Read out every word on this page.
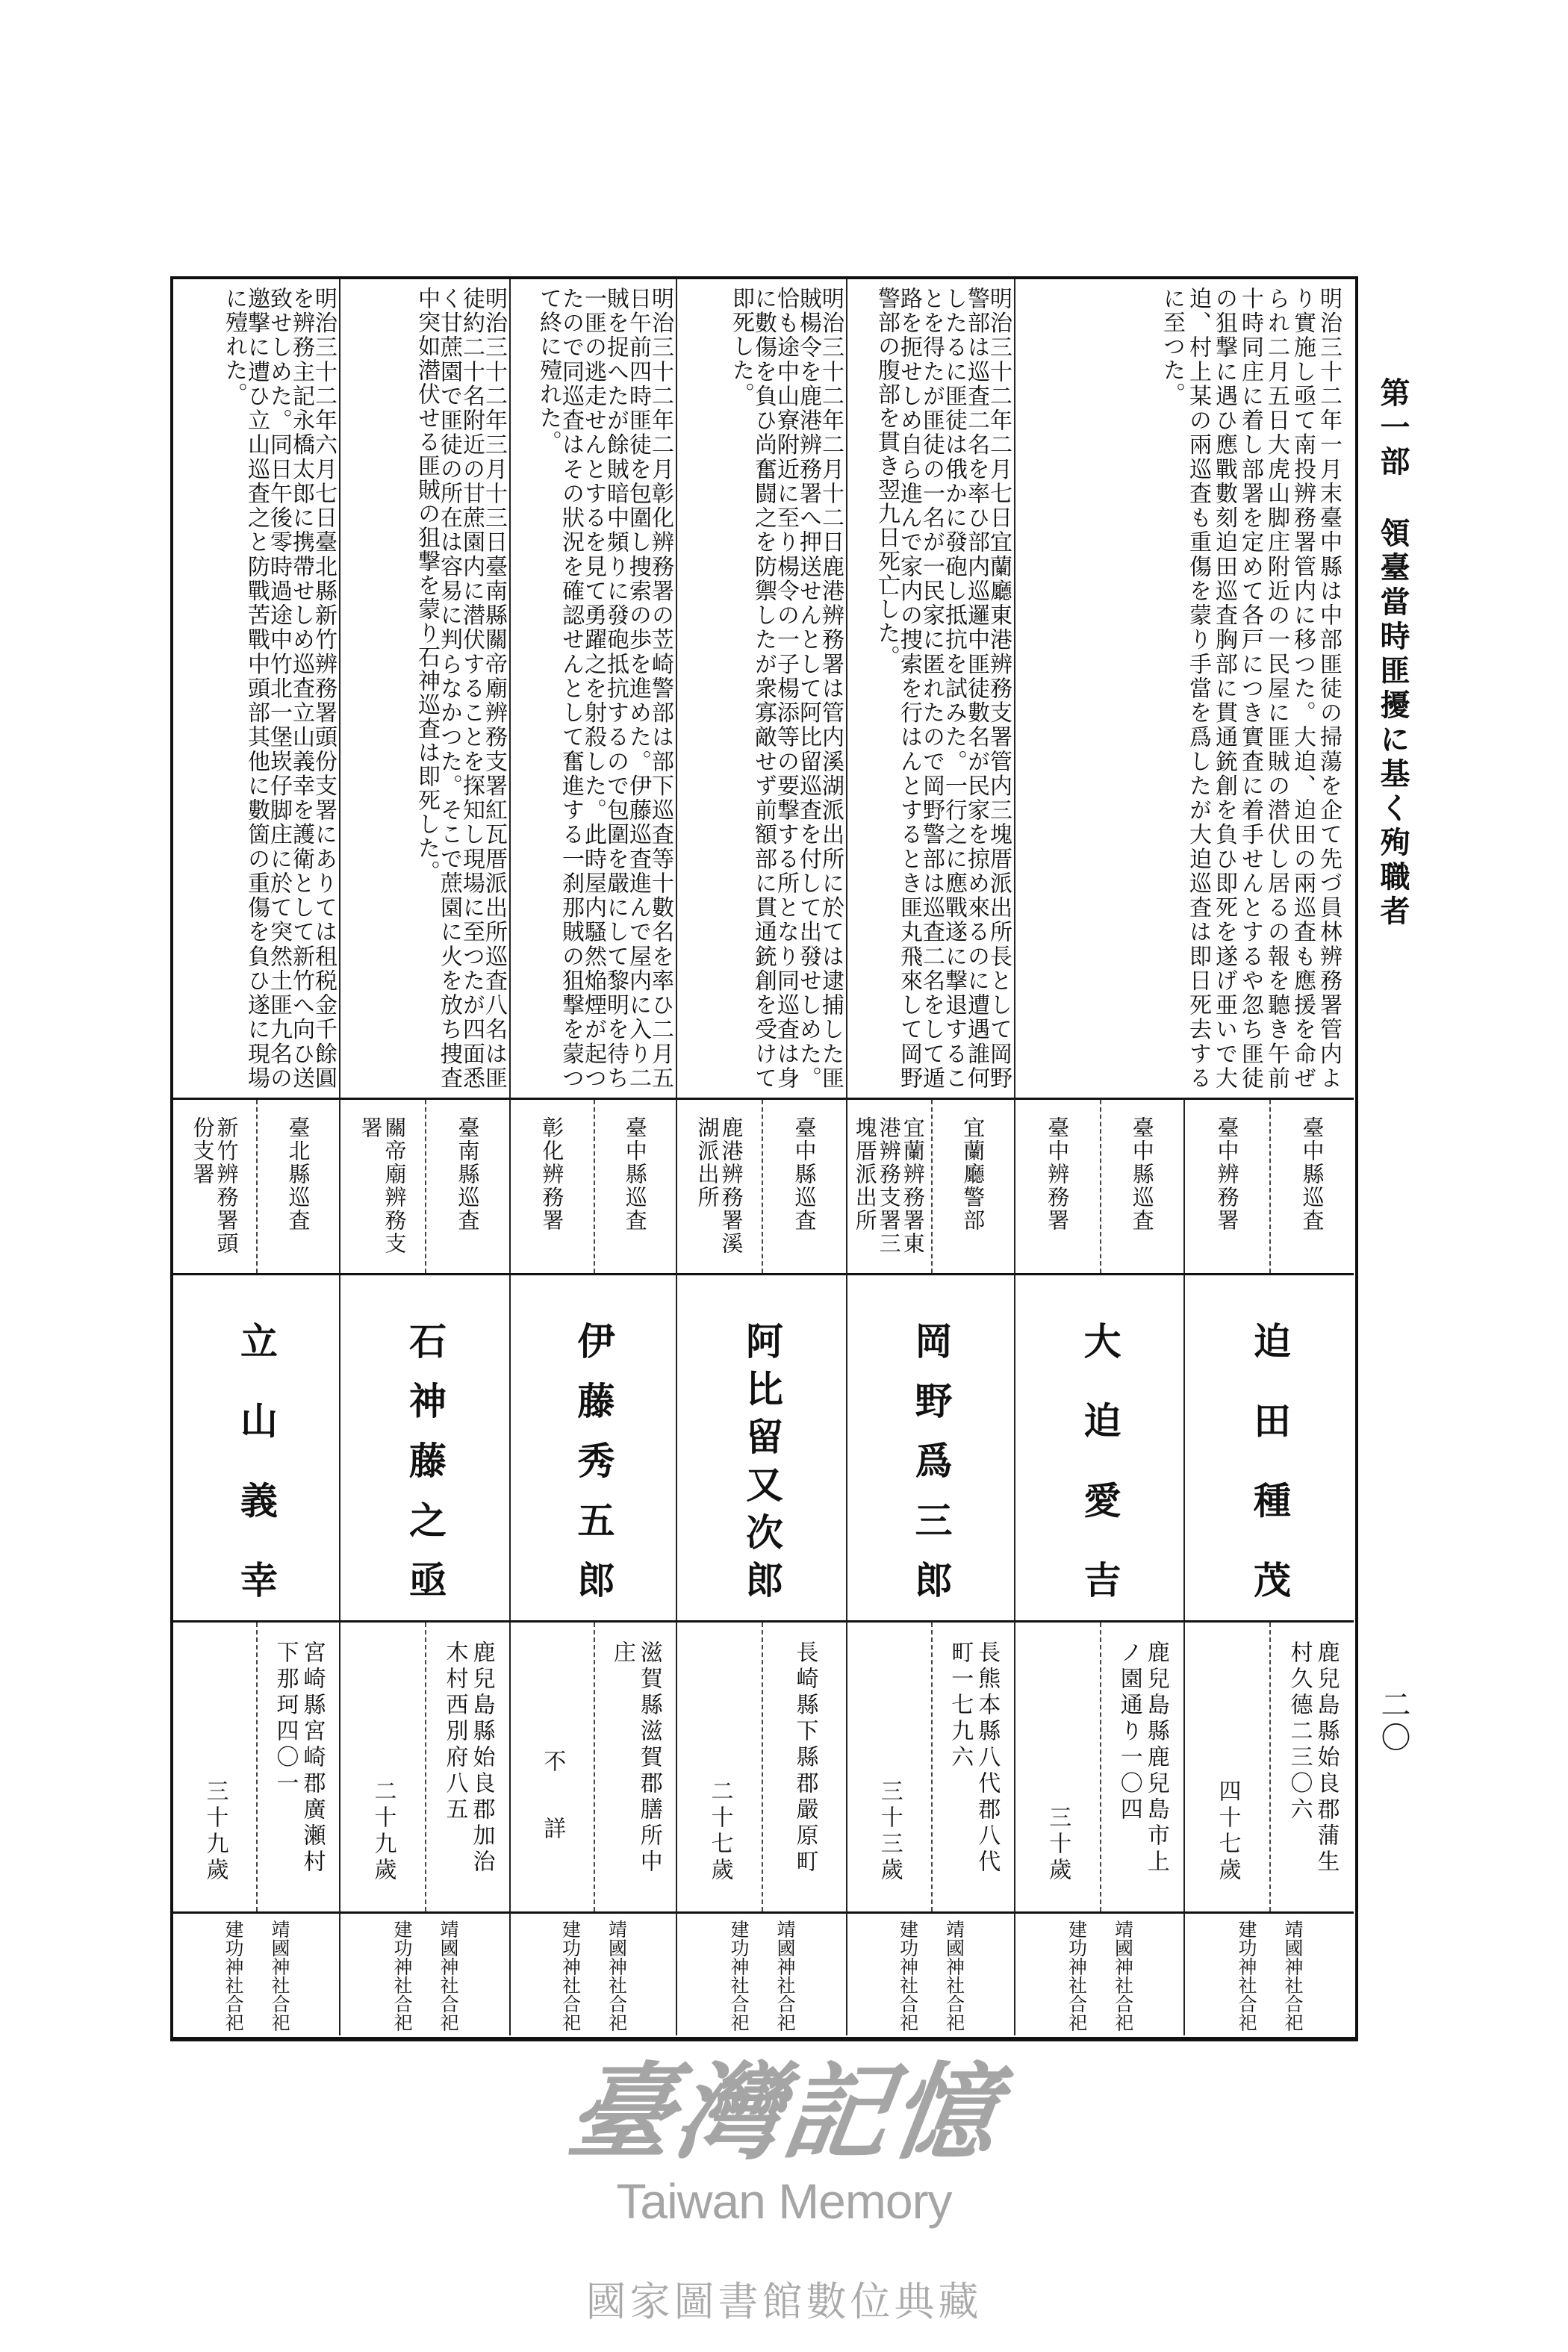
第一部 領臺當時匪擾に基く殉職者
二〇
明治三十二年一月末臺中縣は中部匪徒の掃蕩を企て先づ員林辨務署管内より實施し亟て南投辨務署管内に移つた。大迫、迫田の兩巡査も應援を命ぜられ二月五日大虎山脚庄附近の一民屋に匪賊の潜伏し居るの報を聽き午前十時同庄に着し部署を定めて各戸につき實査に着手せんとするや忽ち匪徒の狙撃に遇ひ應戰數刻迫田巡査胸部に貫通銃創を負ひ即死を遂げ亜いで大迫、村上某の兩巡査も重傷を蒙り手當を爲したが大迫巡査は即日死去するに至つた。
明治三十二年二月七日宜蘭廳東港辨務支署管内三塊厝派出所長として岡野警部は巡査二名を率ひ部内巡邏中匪徒數名が民家を掠め來るのに遭遇誰何したるに匪徒は俄かに發砲し抵抗を試みた。一行之に應戰遂に撃退することを得たが匪徒の一名が一民家に匿れたので岡野警部は巡査二名をして遁路を扼せしめ自ら進んで家内の捜索を行はんとするとき匪丸飛來して岡野警部の腹部を貫き翌九日死亡した。
明治三十二年二月十二日鹿港辨務署は管内溪湖派出所に於ては逮捕した匪賊楊令を鹿港辨務署へ押送せんとして阿比留巡査を付して出發せしめた。恰も途中山寮附近に至り楊令の一子楊添等の要撃する所となり同巡査は身に數傷を負ひ尚奮闘之を防禦したが衆寡敵せず前額部に貫通銃創を受けて即死した。
明治三十二年二月彰化辨務署の苙崎警部は部下巡査等十數名を率ひ二月五日午前四時匪徒を包圍し捜索の歩を進めた。伊藤巡査進んで屋内に入り二賊を捉へたが餘賊暗中頻りに發砲抵抗するので包圍を嚴にして黎明を待ち一匪の逃走せんとするを見て勇躍之を射殺した。此時屋内騷然焔煙が起つたので同巡査はその狀況を確認せんとして奮進する一刹那賊の狙撃を蒙つて終に殪れた。
明治三十二年三月十三日臺南縣關帝廟辨務支署紅瓦厝派出所巡査八名は匪徒約二十名附近の甘蔗園内に潜伏することを探知し現場に至つたが四面悉く甘蔗園で匪徒の所在は容易に判らなかつた。そこで蔗園に火を放ち捜査中突如潜伏せる匪賊の狙撃を蒙り石神巡査は即死した。
明治三十二年六月七日臺北縣新竹辨務署頭份支署にありては租税金千餘圓を辨務主記永橋太郎に携帶せしめ巡査立山義幸を護衛として新竹へ向ひ送致せしめた。同日午後零時過途中竹北一堡崁仔脚庄に於て突然土匪九名の邀撃に遭ひ立山巡査之と防戰苦戰中頭部其他に數箇の重傷を負ひ遂に現場に殪れた。
臺中縣巡査
臺中辨務署
臺中縣巡査
臺中辨務署
宜蘭廳警部
宜蘭辨務署東港辨務支署三塊厝派出所
臺中縣巡査
鹿港辨務署溪湖派出所
臺中縣巡査
彰化辨務署
臺南縣巡査
關帝廟辨務支署
臺北縣巡査
新竹辨務署頭份支署
迫田種茂
大迫愛吉
岡野爲三郎
阿比留又次郎
伊藤秀五郎
石神藤之亟
立山義幸
鹿兒島縣始良郡蒲生村久德二三〇六
四十七歲
鹿兒島縣鹿兒島市上ノ園通り一〇四
三十歲
長熊本縣八代郡八代町一七九六
三十三歲
長崎縣下縣郡嚴原町
二十七歲
滋賀縣滋賀郡膳所中庄
不詳
鹿兒島縣始良郡加治木村西別府八五
二十九歲
宮崎縣宮崎郡廣瀬村下那珂四〇一
三十九歲
靖國神社合祀
建功神社合祀
靖國神社合祀
建功神社合祀
靖國神社合祀
建功神社合祀
靖國神社合祀
建功神社合祀
靖國神社合祀
建功神社合祀
靖國神社合祀
建功神社合祀
靖國神社合祀
建功神社合祀
臺灣記憶
Taiwan Memory
國家圖書館數位典藏
